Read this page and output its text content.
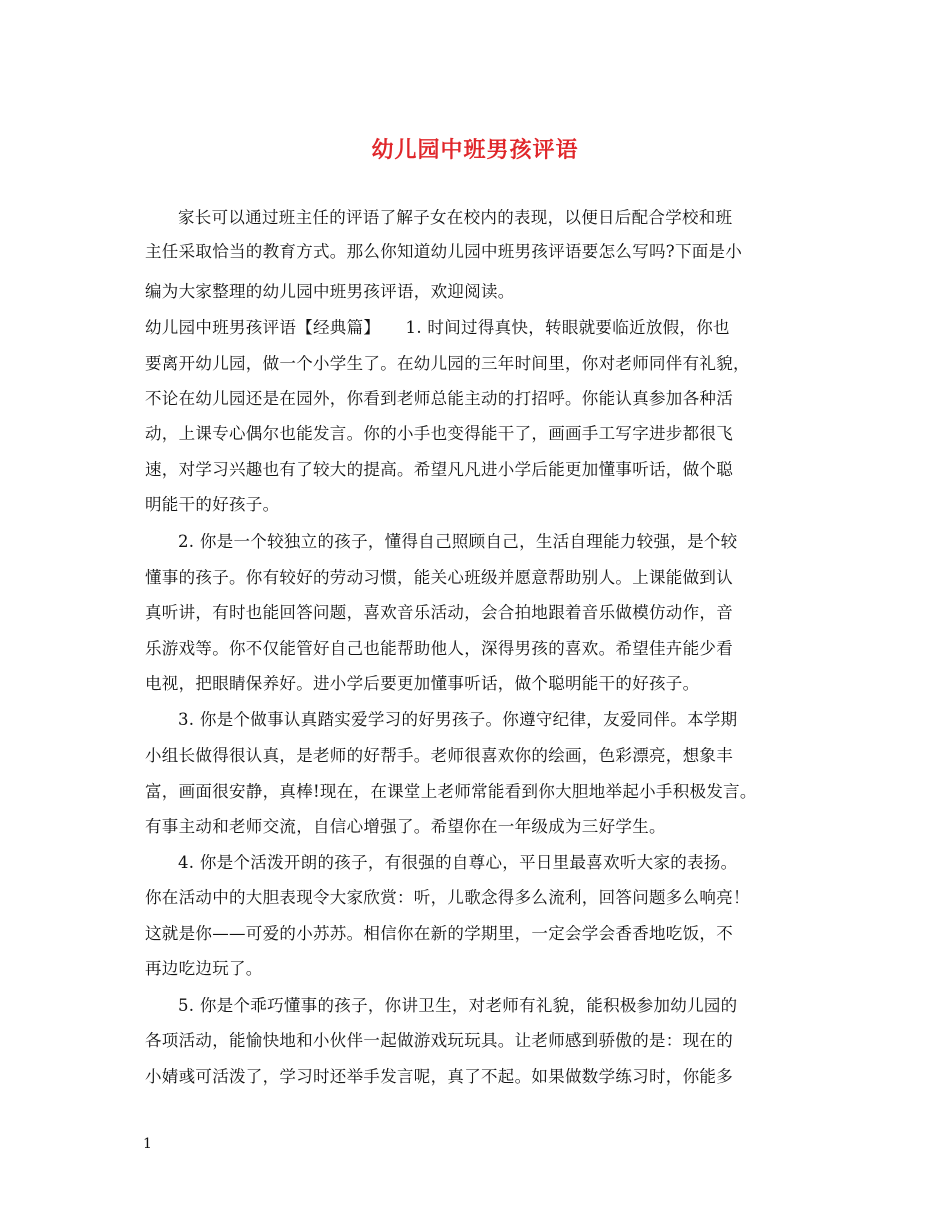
幼儿园中班男孩评语
家长可以通过班主任的评语了解子女在校内的表现，以便日后配合学校和班
主任采取恰当的教育方式。那么你知道幼儿园中班男孩评语要怎么写吗?下面是小
编为大家整理的幼儿园中班男孩评语，欢迎阅读。
幼儿园中班男孩评语【经典篇】　　1. 时间过得真快，转眼就要临近放假，你也
要离开幼儿园，做一个小学生了。在幼儿园的三年时间里，你对老师同伴有礼貌，
不论在幼儿园还是在园外，你看到老师总能主动的打招呼。你能认真参加各种活
动，上课专心偶尔也能发言。你的小手也变得能干了，画画手工写字进步都很飞
速，对学习兴趣也有了较大的提高。希望凡凡进小学后能更加懂事听话，做个聪
明能干的好孩子。
2. 你是一个较独立的孩子，懂得自己照顾自己，生活自理能力较强，是个较
懂事的孩子。你有较好的劳动习惯，能关心班级并愿意帮助别人。上课能做到认
真听讲，有时也能回答问题，喜欢音乐活动，会合拍地跟着音乐做模仿动作，音
乐游戏等。你不仅能管好自己也能帮助他人，深得男孩的喜欢。希望佳卉能少看
电视，把眼睛保养好。进小学后要更加懂事听话，做个聪明能干的好孩子。
3. 你是个做事认真踏实爱学习的好男孩子。你遵守纪律，友爱同伴。本学期
小组长做得很认真，是老师的好帮手。老师很喜欢你的绘画，色彩漂亮，想象丰
富，画面很安静，真棒!现在，在课堂上老师常能看到你大胆地举起小手积极发言。
有事主动和老师交流，自信心增强了。希望你在一年级成为三好学生。
4. 你是个活泼开朗的孩子，有很强的自尊心，平日里最喜欢听大家的表扬。
你在活动中的大胆表现令大家欣赏：听，儿歌念得多么流利，回答问题多么响亮！
这就是你——可爱的小苏苏。相信你在新的学期里，一定会学会香香地吃饭，不
再边吃边玩了。
5. 你是个乖巧懂事的孩子，你讲卫生，对老师有礼貌，能积极参加幼儿园的
各项活动，能愉快地和小伙伴一起做游戏玩玩具。让老师感到骄傲的是：现在的
小婧彧可活泼了，学习时还举手发言呢，真了不起。如果做数学练习时，你能多
1
